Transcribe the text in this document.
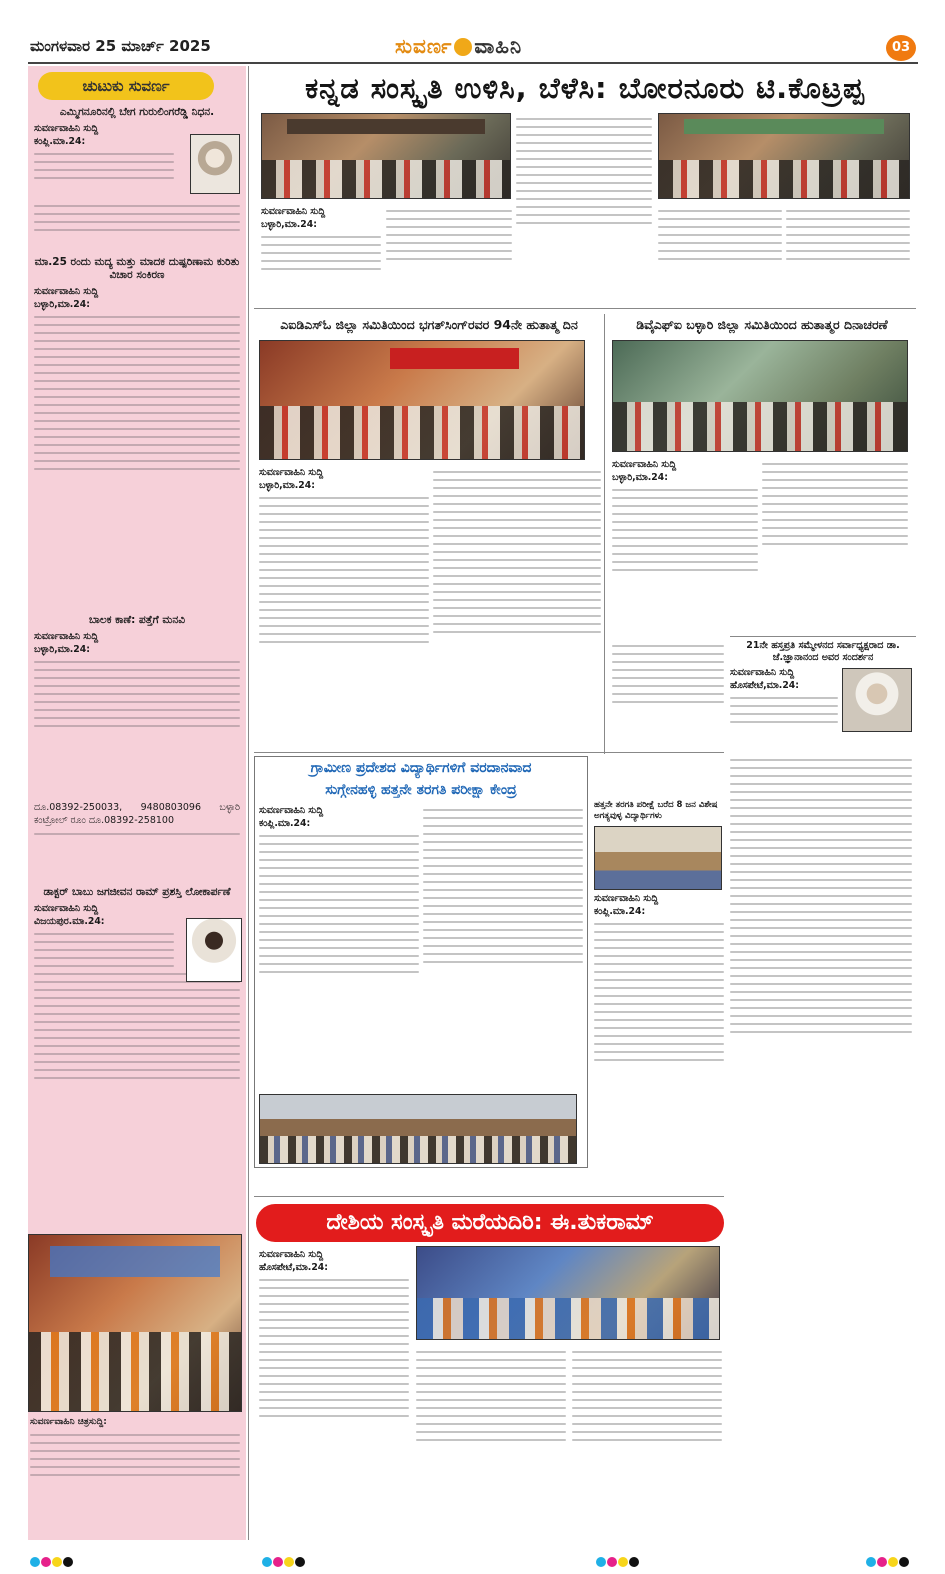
ಮಂಗಳವಾರ 25 ಮಾರ್ಚ್ 2025	ಸುವರ್ಣ ವಾಹಿನಿ	03
ಚುಟುಕು ಸುವರ್ಣ
ಎಮ್ಮಿಗನೂರಿನಲ್ಲಿ ಬೇಗ ಗುರುಲಿಂಗರೆಡ್ಡಿ ನಿಧನ.
ಸುವರ್ಣವಾಹಿನಿ ಸುದ್ದಿ
ಕಂಪ್ಲಿ.ಮಾ.24:
ಮಾ.25 ರಂದು ಮದ್ಯ ಮತ್ತು ಮಾದಕ ದುಷ್ಪರಿಣಾಮ ಕುರಿತು ವಿಚಾರ ಸಂಕಿರಣ
ಸುವರ್ಣವಾಹಿನಿ ಸುದ್ದಿ
ಬಳ್ಳಾರಿ,ಮಾ.24:
ಬಾಲಕ ಕಾಣೆ: ಪತ್ತೆಗೆ ಮನವಿ
ಸುವರ್ಣವಾಹಿನಿ ಸುದ್ದಿ
ಬಳ್ಳಾರಿ,ಮಾ.24:

ದೂ.08392-250033, 9480803096 ಬಳ್ಳಾರಿ ಕಂಟ್ರೋಲ್ ರೂಂ ದೂ.08392-258100

ಡಾಕ್ಟರ್ ಬಾಬು ಜಗಜೀವನ ರಾಮ್ ಪ್ರಶಸ್ತಿ ಲೋಕಾರ್ಪಣೆ
ಸುವರ್ಣವಾಹಿನಿ ಸುದ್ದಿ
ವಿಜಯಪುರ.ಮಾ.24:
ಸುವರ್ಣವಾಹಿನಿ ಚಿತ್ರಸುದ್ದಿ:
ಕನ್ನಡ ಸಂಸ್ಕೃತಿ ಉಳಿಸಿ, ಬೆಳೆಸಿ: ಬೋರನೂರು ಟಿ.ಕೊಟ್ರಪ್ಪ
ಸುವರ್ಣವಾಹಿನಿ ಸುದ್ದಿ
ಬಳ್ಳಾರಿ,ಮಾ.24:
ಎಐಡಿಎಸ್ಓ ಜಿಲ್ಲಾ ಸಮಿತಿಯಿಂದ ಭಗತ್‌ಸಿಂಗ್‌ರವರ 94ನೇ ಹುತಾತ್ಮ ದಿನ
ಸುವರ್ಣವಾಹಿನಿ ಸುದ್ದಿ
ಬಳ್ಳಾರಿ,ಮಾ.24:
ಡಿವೈಎಫ್ಐ ಬಳ್ಳಾರಿ ಜಿಲ್ಲಾ ಸಮಿತಿಯಿಂದ ಹುತಾತ್ಮರ ದಿನಾಚರಣೆ
ಸುವರ್ಣವಾಹಿನಿ ಸುದ್ದಿ
ಬಳ್ಳಾರಿ,ಮಾ.24:
21ನೇ ಹಸ್ತಪ್ರತಿ ಸಮ್ಮೇಳನದ ಸರ್ವಾಧ್ಯಕ್ಷರಾದ ಡಾ. ಜೆ.ಜ್ಞಾನಾನಂದ ಅವರ ಸಂದರ್ಶನ
ಸುವರ್ಣವಾಹಿನಿ ಸುದ್ದಿ
ಹೊಸಪೇಟೆ,ಮಾ.24:
ಗ್ರಾಮೀಣ ಪ್ರದೇಶದ ವಿದ್ಯಾರ್ಥಿಗಳಿಗೆ ವರದಾನವಾದ
ಸುಗ್ಗೇನಹಳ್ಳಿ ಹತ್ತನೇ ತರಗತಿ ಪರೀಕ್ಷಾ ಕೇಂದ್ರ
ಸುವರ್ಣವಾಹಿನಿ ಸುದ್ದಿ
ಕಂಪ್ಲಿ.ಮಾ.24:
ಹತ್ತನೇ ತರಗತಿ ಪರೀಕ್ಷೆ ಬರೆದ 8 ಜನ ವಿಶೇಷ ಅಗತ್ಯವುಳ್ಳ ವಿದ್ಯಾರ್ಥಿಗಳು
ಸುವರ್ಣವಾಹಿನಿ ಸುದ್ದಿ
ಕಂಪ್ಲಿ.ಮಾ.24:
ದೇಶಿಯ ಸಂಸ್ಕೃತಿ ಮರೆಯದಿರಿ: ಈ.ತುಕರಾಮ್
ಸುವರ್ಣವಾಹಿನಿ ಸುದ್ದಿ
ಹೊಸಪೇಟೆ,ಮಾ.24:
